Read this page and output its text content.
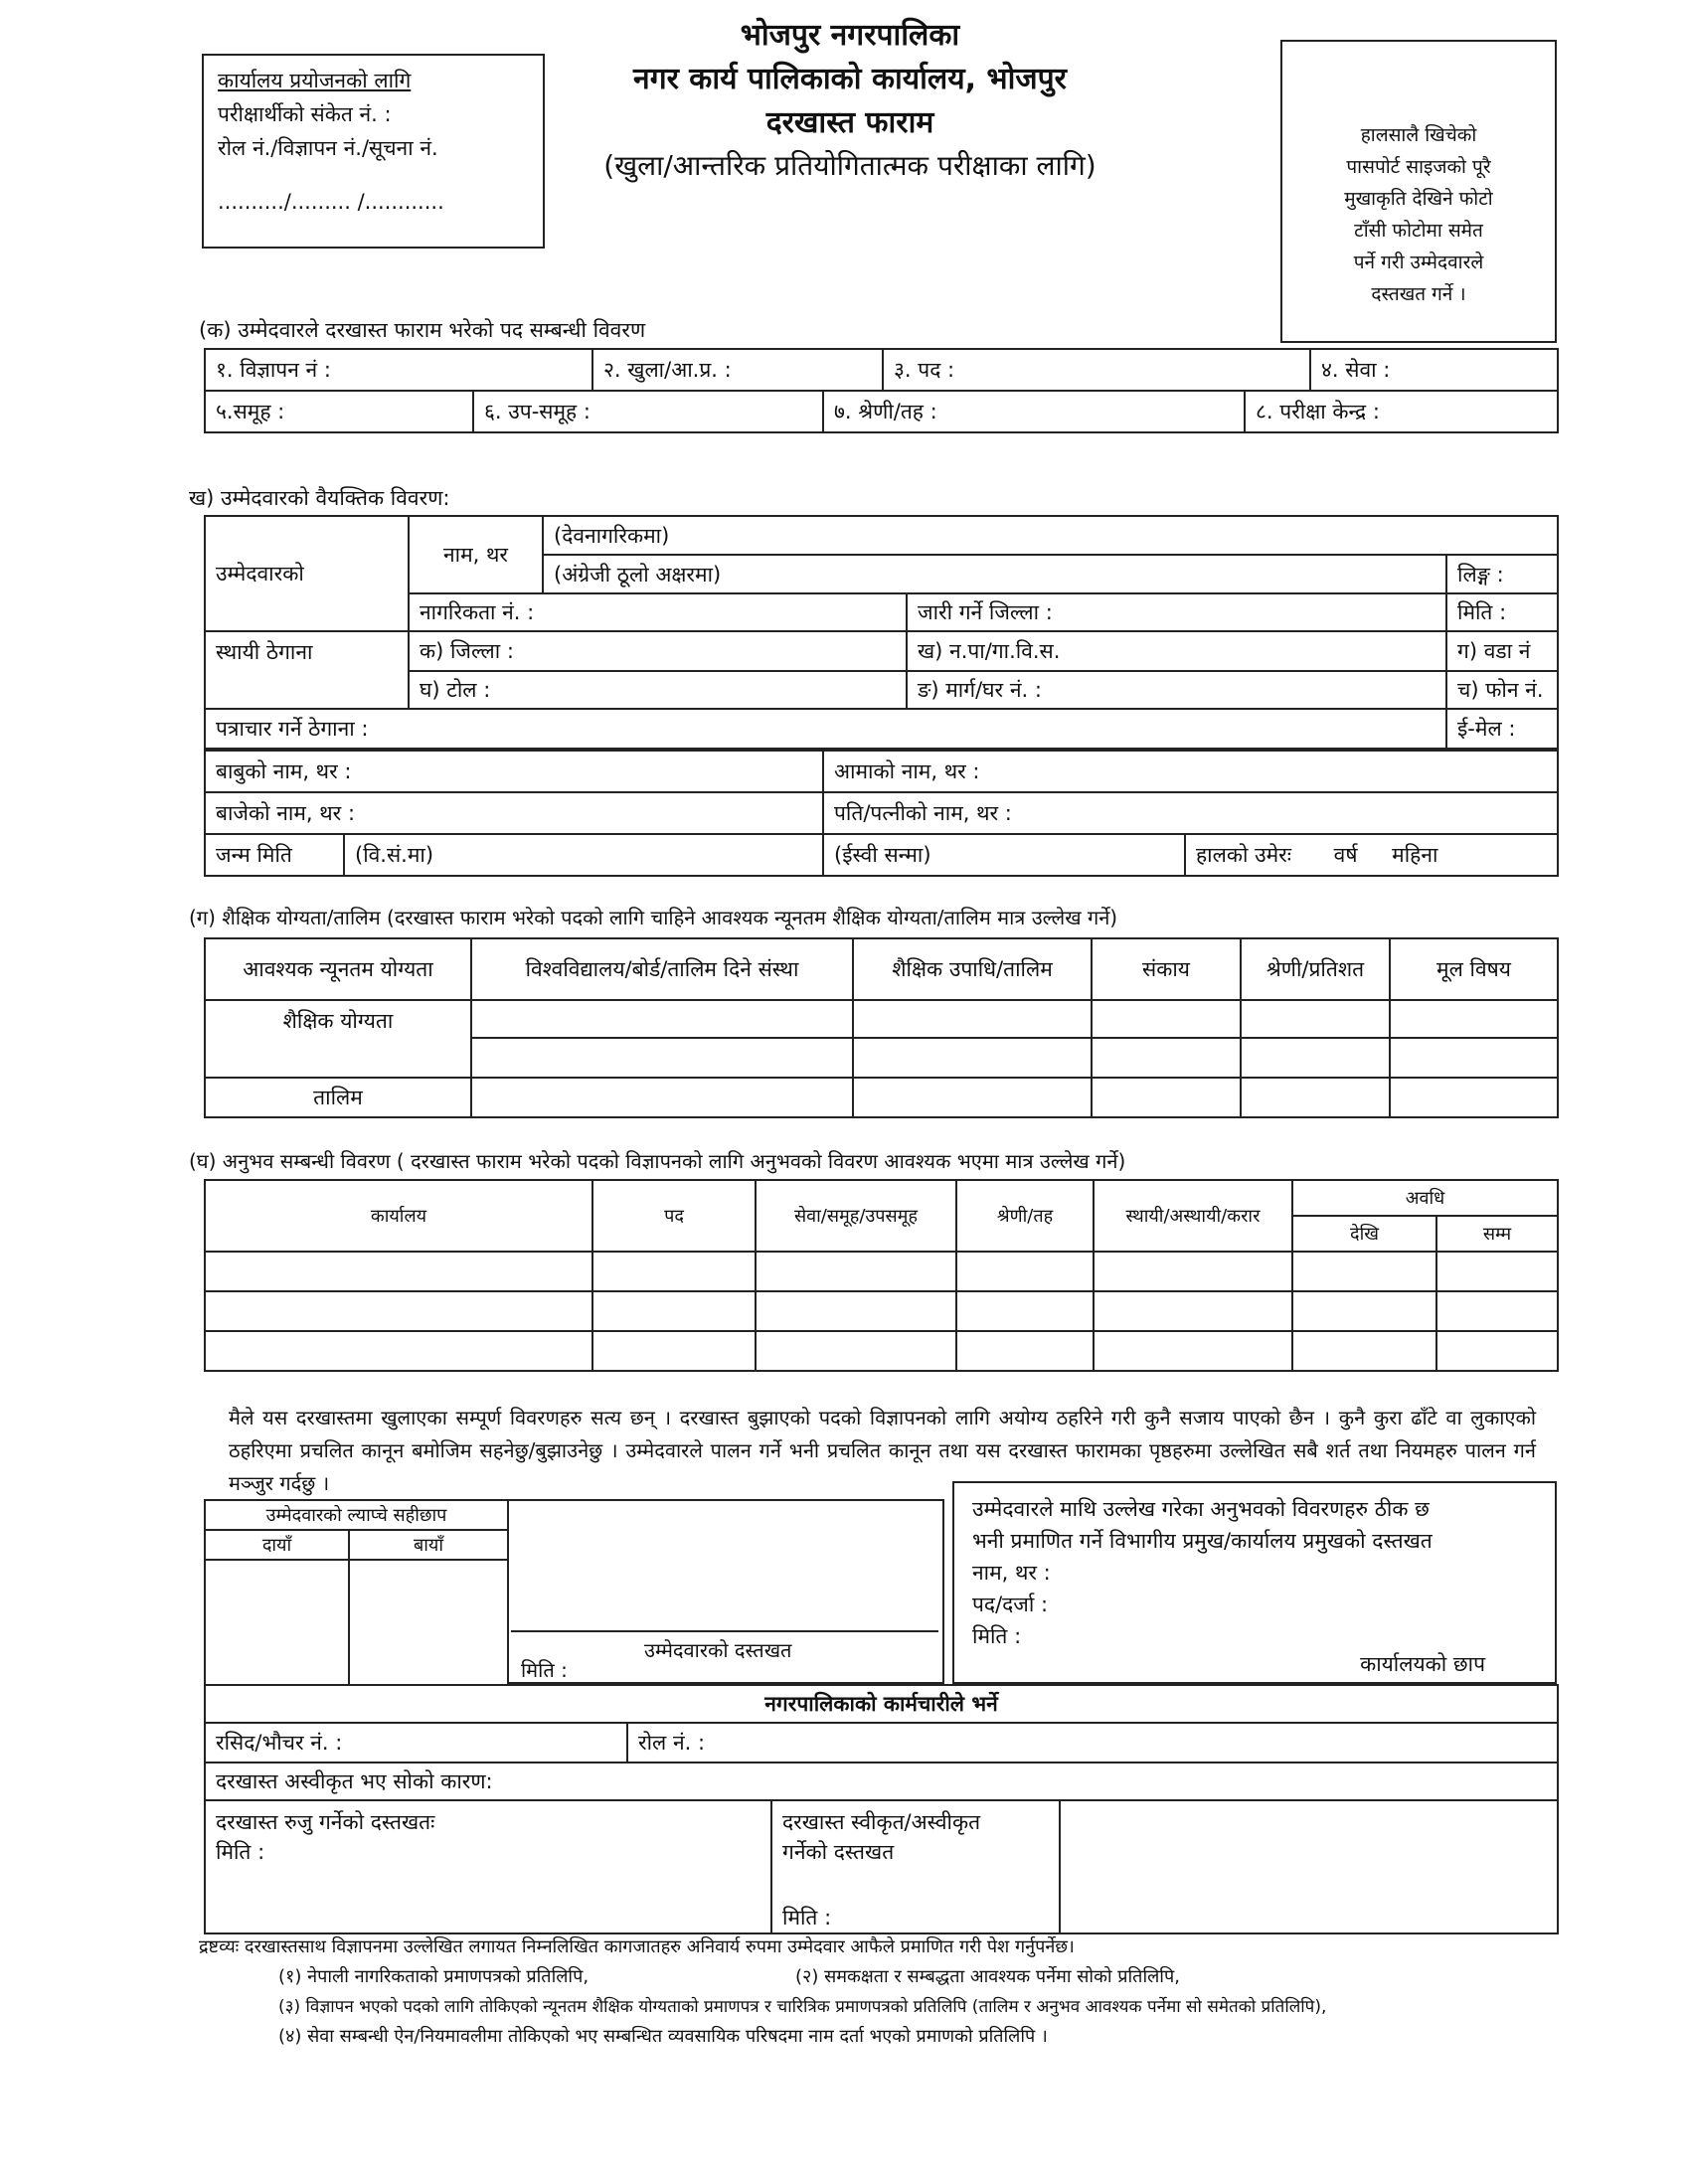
कार्यालय प्रयोजनको लागि
परीक्षार्थीको संकेत नं. :
रोल नं./विज्ञापन नं./सूचना नं.
........../......... /............
भोजपुर नगरपालिका
नगर कार्य पालिकाको कार्यालय, भोजपुर
दरखास्त फाराम
(खुला/आन्तरिक प्रतियोगितात्मक परीक्षाका लागि)
हालसालै खिचेको
पासपोर्ट साइजको पूरै
मुखाकृति देखिने फोटो
टाँसी फोटोमा समेत
पर्ने गरी उम्मेदवारले
दस्तखत गर्ने ।
(क) उम्मेदवारले दरखास्त फाराम भरेको पद सम्बन्धी विवरण
१. विज्ञापन नं :	२. खुला/आ.प्र. :	३. पद :	४. सेवा :
५.समूह :	६. उप-समूह :	७. श्रेणी/तह :	८. परीक्षा केन्द्र :
ख) उम्मेदवारको वैयक्तिक विवरण:
उम्मेदवारको	नाम, थर	(देवनागरिकमा)		
		(अंग्रेजी ठूलो अक्षरमा)		लिङ्ग :
	नागरिकता नं. :		जारी गर्ने जिल्ला :	मिति :
स्थायी ठेगाना	क) जिल्ला :		ख) न.पा/गा.वि.स.	ग) वडा नं
	घ) टोल :		ङ) मार्ग/घर नं. :	च) फोन नं.
पत्राचार गर्ने ठेगाना :				ई-मेल :
बाबुको नाम, थर :	आमाको नाम, थर :
बाजेको नाम, थर :	पति/पत्नीको नाम, थर :
जन्म मिति	(वि.सं.मा)	(ईस्वी सन्मा)	हालको उमेरः वर्ष महिना
(ग) शैक्षिक योग्यता/तालिम (दरखास्त फाराम भरेको पदको लागि चाहिने आवश्यक न्यूनतम शैक्षिक योग्यता/तालिम मात्र उल्लेख गर्ने)
आवश्यक न्यूनतम योग्यता	विश्वविद्यालय/बोर्ड/तालिम दिने संस्था	शैक्षिक उपाधि/तालिम	संकाय	श्रेणी/प्रतिशत	मूल विषय
शैक्षिक योग्यता					

तालिम					
(घ) अनुभव सम्बन्धी विवरण ( दरखास्त फाराम भरेको पदको विज्ञापनको लागि अनुभवको विवरण आवश्यक भएमा मात्र उल्लेख गर्ने)
कार्यालय	पद	सेवा/समूह/उपसमूह	श्रेणी/तह	स्थायी/अस्थायी/करार	अवधि	
					देखि	सम्म

मैले यस दरखास्तमा खुलाएका सम्पूर्ण विवरणहरु सत्य छन् । दरखास्त बुझाएको पदको विज्ञापनको लागि अयोग्य ठहरिने गरी कुनै सजाय पाएको छैन । कुनै कुरा ढाँटे वा लुकाएको ठहरिएमा प्रचलित कानून बमोजिम सहनेछु/बुझाउनेछु । उम्मेदवारले पालन गर्ने भनी प्रचलित कानून तथा यस दरखास्त फारामका पृष्ठहरुमा उल्लेखित सबै शर्त तथा नियमहरु पालन गर्न मञ्जुर गर्दछु ।
उम्मेदवारको ल्याप्चे सहीछाप	
दायाँ	बायाँ

उम्मेदवारको दस्तखत
मिति :
उम्मेदवारले माथि उल्लेख गरेका अनुभवको विवरणहरु ठीक छ
भनी प्रमाणित गर्ने विभागीय प्रमुख/कार्यालय प्रमुखको दस्तखत
नाम, थर :
पद/दर्जा :
मिति :
कार्यालयको छाप
नगरपालिकाको कार्मचारीले भर्ने
रसिद/भौचर नं. :	रोल नं. :
दरखास्त अस्वीकृत भए सोको कारण:
दरखास्त रुजु गर्नेको दस्तखतः
मिति :

दरखास्त स्वीकृत/अस्वीकृत
गर्नेको दस्तखत
मिति :

द्रष्टव्यः दरखास्तसाथ विज्ञापनमा उल्लेखित लगायत निम्नलिखित कागजातहरु अनिवार्य रुपमा उम्मेदवार आफैले प्रमाणित गरी पेश गर्नुपर्नेछ।
(१) नेपाली नागरिकताको प्रमाणपत्रको प्रतिलिपि,	(२) समकक्षता र सम्बद्धता आवश्यक पर्नेमा सोको प्रतिलिपि,
(३) विज्ञापन भएको पदको लागि तोकिएको न्यूनतम शैक्षिक योग्यताको प्रमाणपत्र र चारित्रिक प्रमाणपत्रको प्रतिलिपि (तालिम र अनुभव आवश्यक पर्नेमा सो समेतको प्रतिलिपि),
(४) सेवा सम्बन्धी ऐन/नियमावलीमा तोकिएको भए सम्बन्धित व्यवसायिक परिषदमा नाम दर्ता भएको प्रमाणको प्रतिलिपि ।
